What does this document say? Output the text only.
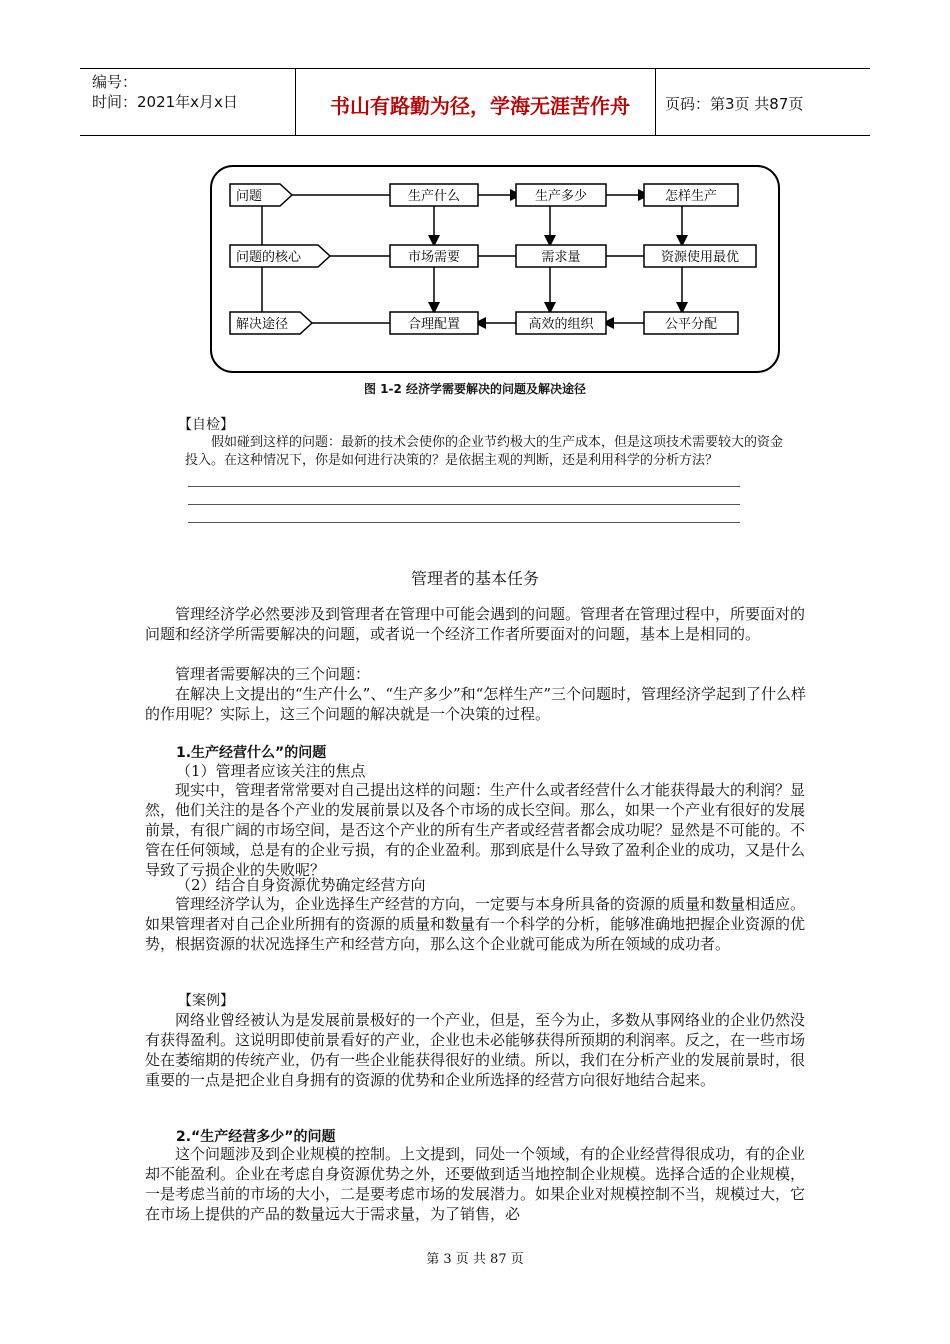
编号：
时间：2021年x月x日	书山有路勤为径，学海无涯苦作舟	页码：第3页 共87页
问题
问题的核心
解决途径
生产什么	生产多少	怎样生产
市场需要	需求量	资源使用最优
合理配置	高效的组织	公平分配
图 1-2 经济学需要解决的问题及解决途径
【自检】

假如碰到这样的问题：最新的技术会使你的企业节约极大的生产成本，但是这项技术需要较大的资金投入。在这种情况下，你是如何进行决策的？是依据主观的判断，还是利用科学的分析方法？

管理者的基本任务

管理经济学必然要涉及到管理者在管理中可能会遇到的问题。管理者在管理过程中，所要面对的问题和经济学所需要解决的问题，或者说一个经济工作者所要面对的问题，基本上是相同的。

管理者需要解决的三个问题：

在解决上文提出的“生产什么”、“生产多少”和“怎样生产”三个问题时，管理经济学起到了什么样的作用呢？实际上，这三个问题的解决就是一个决策的过程。

1.生产经营什么”的问题
（1）管理者应该关注的焦点

现实中，管理者常常要对自己提出这样的问题：生产什么或者经营什么才能获得最大的利润？显然，他们关注的是各个产业的发展前景以及各个市场的成长空间。那么，如果一个产业有很好的发展前景，有很广阔的市场空间，是否这个产业的所有生产者或经营者都会成功呢？显然是不可能的。不管在任何领域，总是有的企业亏损，有的企业盈利。那到底是什么导致了盈利企业的成功，又是什么导致了亏损企业的失败呢？

（2）结合自身资源优势确定经营方向

管理经济学认为，企业选择生产经营的方向，一定要与本身所具备的资源的质量和数量相适应。如果管理者对自己企业所拥有的资源的质量和数量有一个科学的分析，能够准确地把握企业资源的优势，根据资源的状况选择生产和经营方向，那么这个企业就可能成为所在领域的成功者。

【案例】

网络业曾经被认为是发展前景极好的一个产业，但是，至今为止，多数从事网络业的企业仍然没有获得盈利。这说明即使前景看好的产业，企业也未必能够获得所预期的利润率。反之，在一些市场处在萎缩期的传统产业，仍有一些企业能获得很好的业绩。所以，我们在分析产业的发展前景时，很重要的一点是把企业自身拥有的资源的优势和企业所选择的经营方向很好地结合起来。

2.“生产经营多少”的问题

这个问题涉及到企业规模的控制。上文提到，同处一个领域，有的企业经营得很成功，有的企业却不能盈利。企业在考虑自身资源优势之外，还要做到适当地控制企业规模。选择合适的企业规模，一是考虑当前的市场的大小，二是要考虑市场的发展潜力。如果企业对规模控制不当，规模过大，它在市场上提供的产品的数量远大于需求量，为了销售，必

第 3 页 共 87 页
